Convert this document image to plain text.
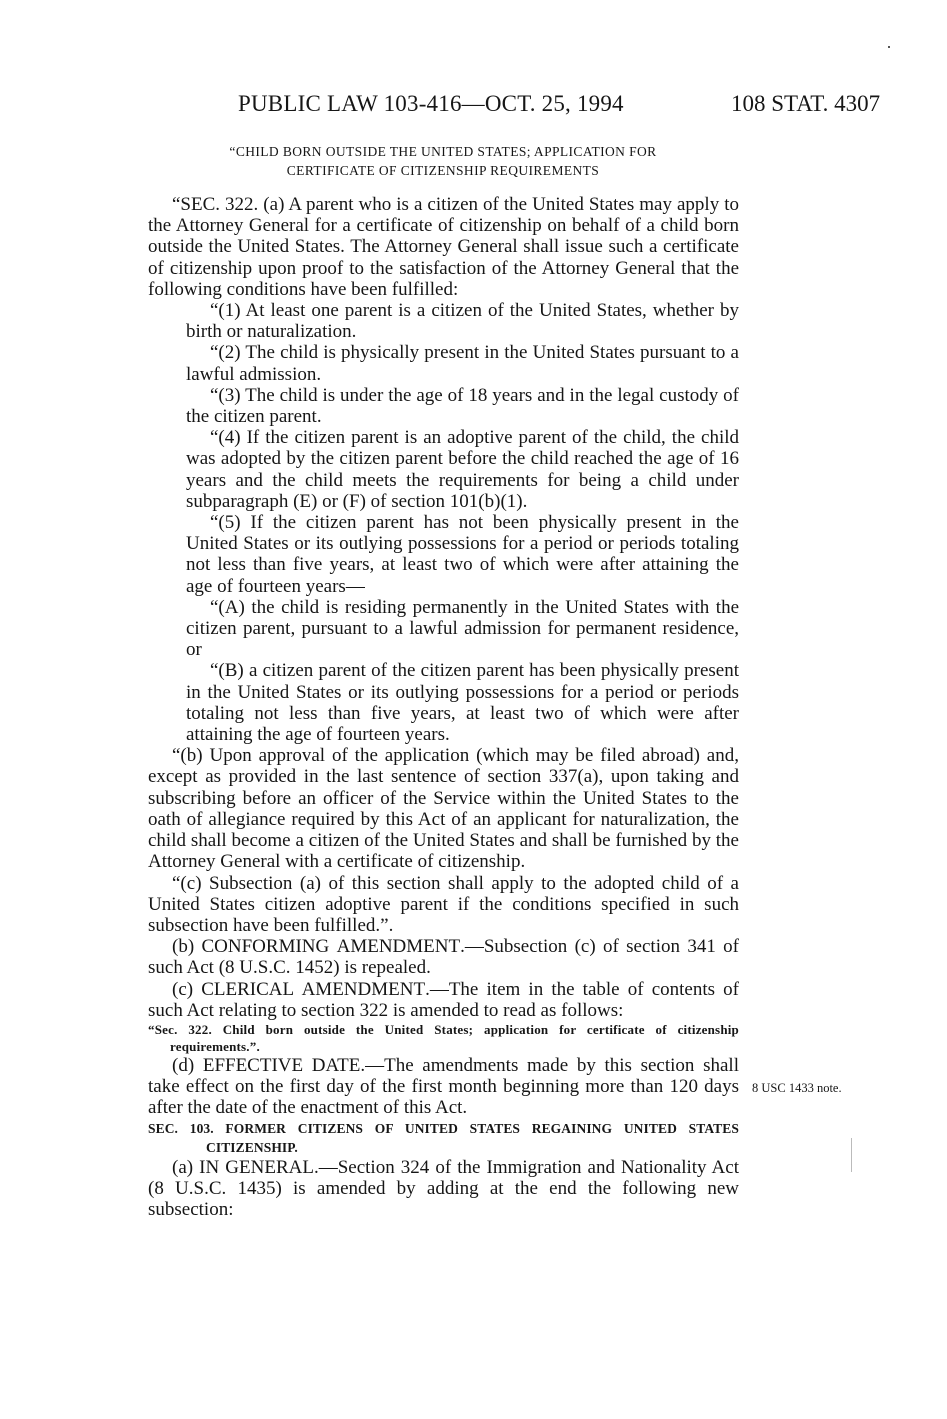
PUBLIC LAW 103-416—OCT. 25, 1994	108 STAT. 4307
“CHILD BORN OUTSIDE THE UNITED STATES; APPLICATION FOR
CERTIFICATE OF CITIZENSHIP REQUIREMENTS

“SEC. 322. (a) A parent who is a citizen of the United States may apply to the Attorney General for a certificate of citizenship on behalf of a child born outside the United States. The Attorney General shall issue such a certificate of citizenship upon proof to the satisfaction of the Attorney General that the following conditions have been fulfilled:

“(1) At least one parent is a citizen of the United States, whether by birth or naturalization.

“(2) The child is physically present in the United States pursuant to a lawful admission.

“(3) The child is under the age of 18 years and in the legal custody of the citizen parent.

“(4) If the citizen parent is an adoptive parent of the child, the child was adopted by the citizen parent before the child reached the age of 16 years and the child meets the requirements for being a child under subparagraph (E) or (F) of section 101(b)(1).

“(5) If the citizen parent has not been physically present in the United States or its outlying possessions for a period or periods totaling not less than five years, at least two of which were after attaining the age of fourteen years—

“(A) the child is residing permanently in the United States with the citizen parent, pursuant to a lawful admission for permanent residence, or

“(B) a citizen parent of the citizen parent has been physically present in the United States or its outlying possessions for a period or periods totaling not less than five years, at least two of which were after attaining the age of fourteen years.

“(b) Upon approval of the application (which may be filed abroad) and, except as provided in the last sentence of section 337(a), upon taking and subscribing before an officer of the Service within the United States to the oath of allegiance required by this Act of an applicant for naturalization, the child shall become a citizen of the United States and shall be furnished by the Attorney General with a certificate of citizenship.

“(c) Subsection (a) of this section shall apply to the adopted child of a United States citizen adoptive parent if the conditions specified in such subsection have been fulfilled.”.

(b) CONFORMING AMENDMENT.—Subsection (c) of section 341 of such Act (8 U.S.C. 1452) is repealed.

(c) CLERICAL AMENDMENT.—The item in the table of contents of such Act relating to section 322 is amended to read as follows:

“Sec. 322. Child born outside the United States; application for certificate of citizenship requirements.”.

(d) EFFECTIVE DATE.—The amendments made by this section shall take effect on the first day of the first month beginning more than 120 days after the date of the enactment of this Act.

SEC. 103. FORMER CITIZENS OF UNITED STATES REGAINING UNITED STATES CITIZENSHIP.

(a) IN GENERAL.—Section 324 of the Immigration and Nationality Act (8 U.S.C. 1435) is amended by adding at the end the following new subsection:

8 USC 1433 note.
